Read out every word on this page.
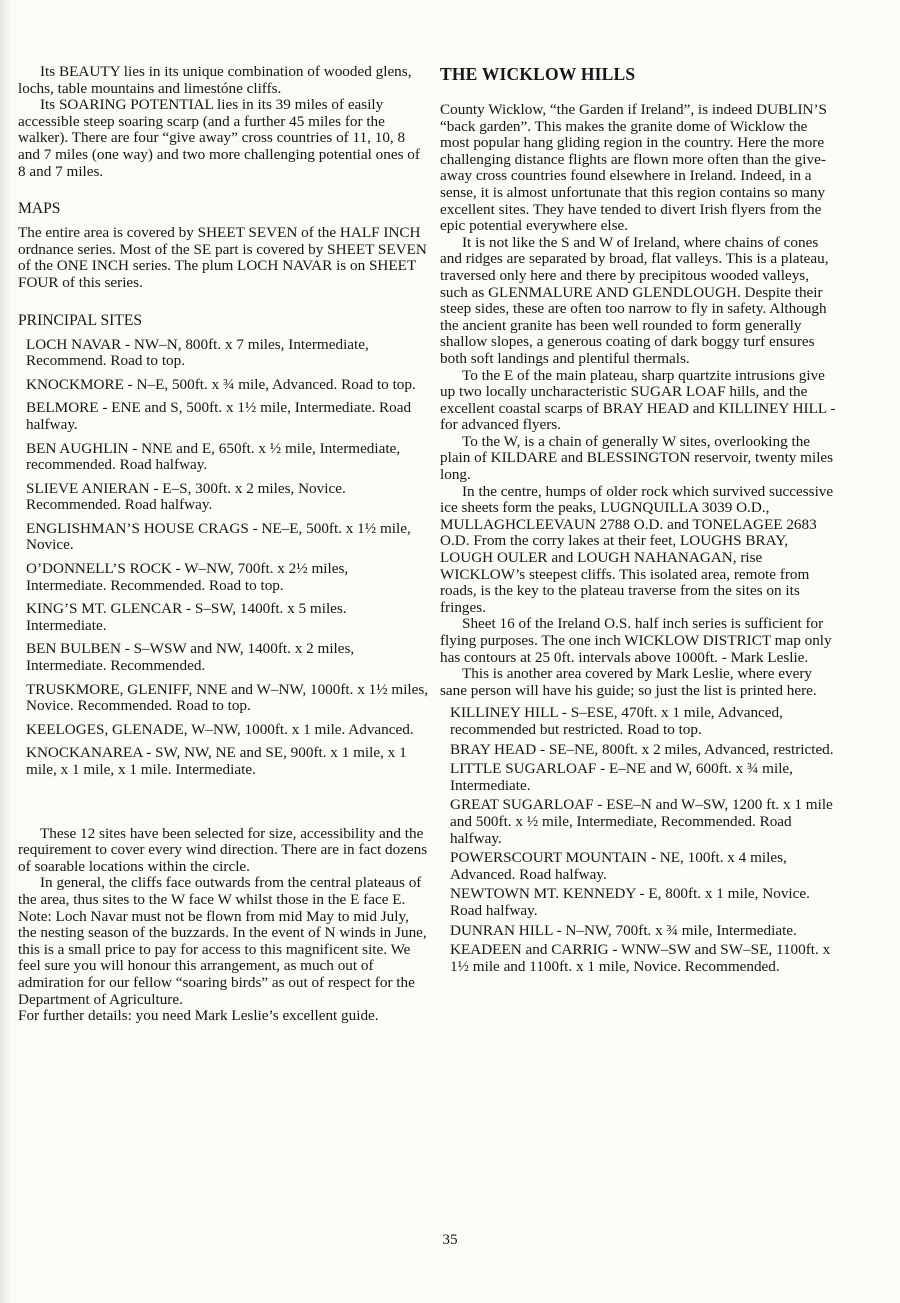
Its BEAUTY lies in its unique combination of wooded glens, lochs, table mountains and limestóne cliffs.

Its SOARING POTENTIAL lies in its 39 miles of easily accessible steep soaring scarp (and a further 45 miles for the walker). There are four “give away” cross countries of 11, 10, 8 and 7 miles (one way) and two more challenging potential ones of 8 and 7 miles.

MAPS

The entire area is covered by SHEET SEVEN of the HALF INCH ordnance series. Most of the SE part is covered by SHEET SEVEN of the ONE INCH series. The plum LOCH NAVAR is on SHEET FOUR of this series.

PRINCIPAL SITES

LOCH NAVAR - NW–N, 800ft. x 7 miles, Intermediate, Recommend. Road to top.

KNOCKMORE - N–E, 500ft. x ¾ mile, Advanced. Road to top.

BELMORE - ENE and S, 500ft. x 1½ mile, Intermediate. Road halfway.

BEN AUGHLIN - NNE and E, 650ft. x ½ mile, Intermediate, recommended. Road halfway.

SLIEVE ANIERAN - E–S, 300ft. x 2 miles, Novice. Recommended. Road halfway.

ENGLISHMAN’S HOUSE CRAGS - NE–E, 500ft. x 1½ mile, Novice.

O’DONNELL’S ROCK - W–NW, 700ft. x 2½ miles, Intermediate. Recommended. Road to top.

KING’S MT. GLENCAR - S–SW, 1400ft. x 5 miles. Intermediate.

BEN BULBEN - S–WSW and NW, 1400ft. x 2 miles, Intermediate. Recommended.

TRUSKMORE, GLENIFF, NNE and W–NW, 1000ft. x 1½ miles, Novice. Recommended. Road to top.

KEELOGES, GLENADE, W–NW, 1000ft. x 1 mile. Advanced.

KNOCKANAREA - SW, NW, NE and SE, 900ft. x 1 mile, x 1 mile, x 1 mile, x 1 mile. Intermediate.

These 12 sites have been selected for size, accessibility and the requirement to cover every wind direction. There are in fact dozens of soarable locations within the circle.

In general, the cliffs face outwards from the central plateaus of the area, thus sites to the W face W whilst those in the E face E.

Note: Loch Navar must not be flown from mid May to mid July, the nesting season of the buzzards. In the event of N winds in June, this is a small price to pay for access to this magnificent site. We feel sure you will honour this arrangement, as much out of admiration for our fellow “soaring birds” as out of respect for the Department of Agriculture.

For further details: you need Mark Leslie’s excellent guide.

THE WICKLOW HILLS

County Wicklow, “the Garden if Ireland”, is indeed DUBLIN’S “back garden”. This makes the granite dome of Wicklow the most popular hang gliding region in the country. Here the more challenging distance flights are flown more often than the give-away cross countries found elsewhere in Ireland. Indeed, in a sense, it is almost unfortunate that this region contains so many excellent sites. They have tended to divert Irish flyers from the epic potential everywhere else.

It is not like the S and W of Ireland, where chains of cones and ridges are separated by broad, flat valleys. This is a plateau, traversed only here and there by precipitous wooded valleys, such as GLENMALURE AND GLENDLOUGH. Despite their steep sides, these are often too narrow to fly in safety. Although the ancient granite has been well rounded to form generally shallow slopes, a generous coating of dark boggy turf ensures both soft landings and plentiful thermals.

To the E of the main plateau, sharp quartzite intrusions give up two locally uncharacteristic SUGAR LOAF hills, and the excellent coastal scarps of BRAY HEAD and KILLINEY HILL - for advanced flyers.

To the W, is a chain of generally W sites, overlooking the plain of KILDARE and BLESSINGTON reservoir, twenty miles long.

In the centre, humps of older rock which survived successive ice sheets form the peaks, LUGNQUILLA 3039 O.D., MULLAGHCLEEVAUN 2788 O.D. and TONELAGEE 2683 O.D. From the corry lakes at their feet, LOUGHS BRAY, LOUGH OULER and LOUGH NAHANAGAN, rise WICKLOW’s steepest cliffs. This isolated area, remote from roads, is the key to the plateau traverse from the sites on its fringes.

Sheet 16 of the Ireland O.S. half inch series is sufficient for flying purposes. The one inch WICKLOW DISTRICT map only has contours at 25 0ft. intervals above 1000ft. - Mark Leslie.

This is another area covered by Mark Leslie, where every sane person will have his guide; so just the list is printed here.

KILLINEY HILL - S–ESE, 470ft. x 1 mile, Advanced, recommended but restricted. Road to top.

BRAY HEAD - SE–NE, 800ft. x 2 miles, Advanced, restricted.

LITTLE SUGARLOAF - E–NE and W, 600ft. x ¾ mile, Intermediate.

GREAT SUGARLOAF - ESE–N and W–SW, 1200 ft. x 1 mile and 500ft. x ½ mile, Intermediate, Recommended. Road halfway.

POWERSCOURT MOUNTAIN - NE, 100ft. x 4 miles, Advanced. Road halfway.

NEWTOWN MT. KENNEDY - E, 800ft. x 1 mile, Novice. Road halfway.

DUNRAN HILL - N–NW, 700ft. x ¾ mile, Intermediate.

KEADEEN and CARRIG - WNW–SW and SW–SE, 1100ft. x 1½ mile and 1100ft. x 1 mile, Novice. Recommended.

35
